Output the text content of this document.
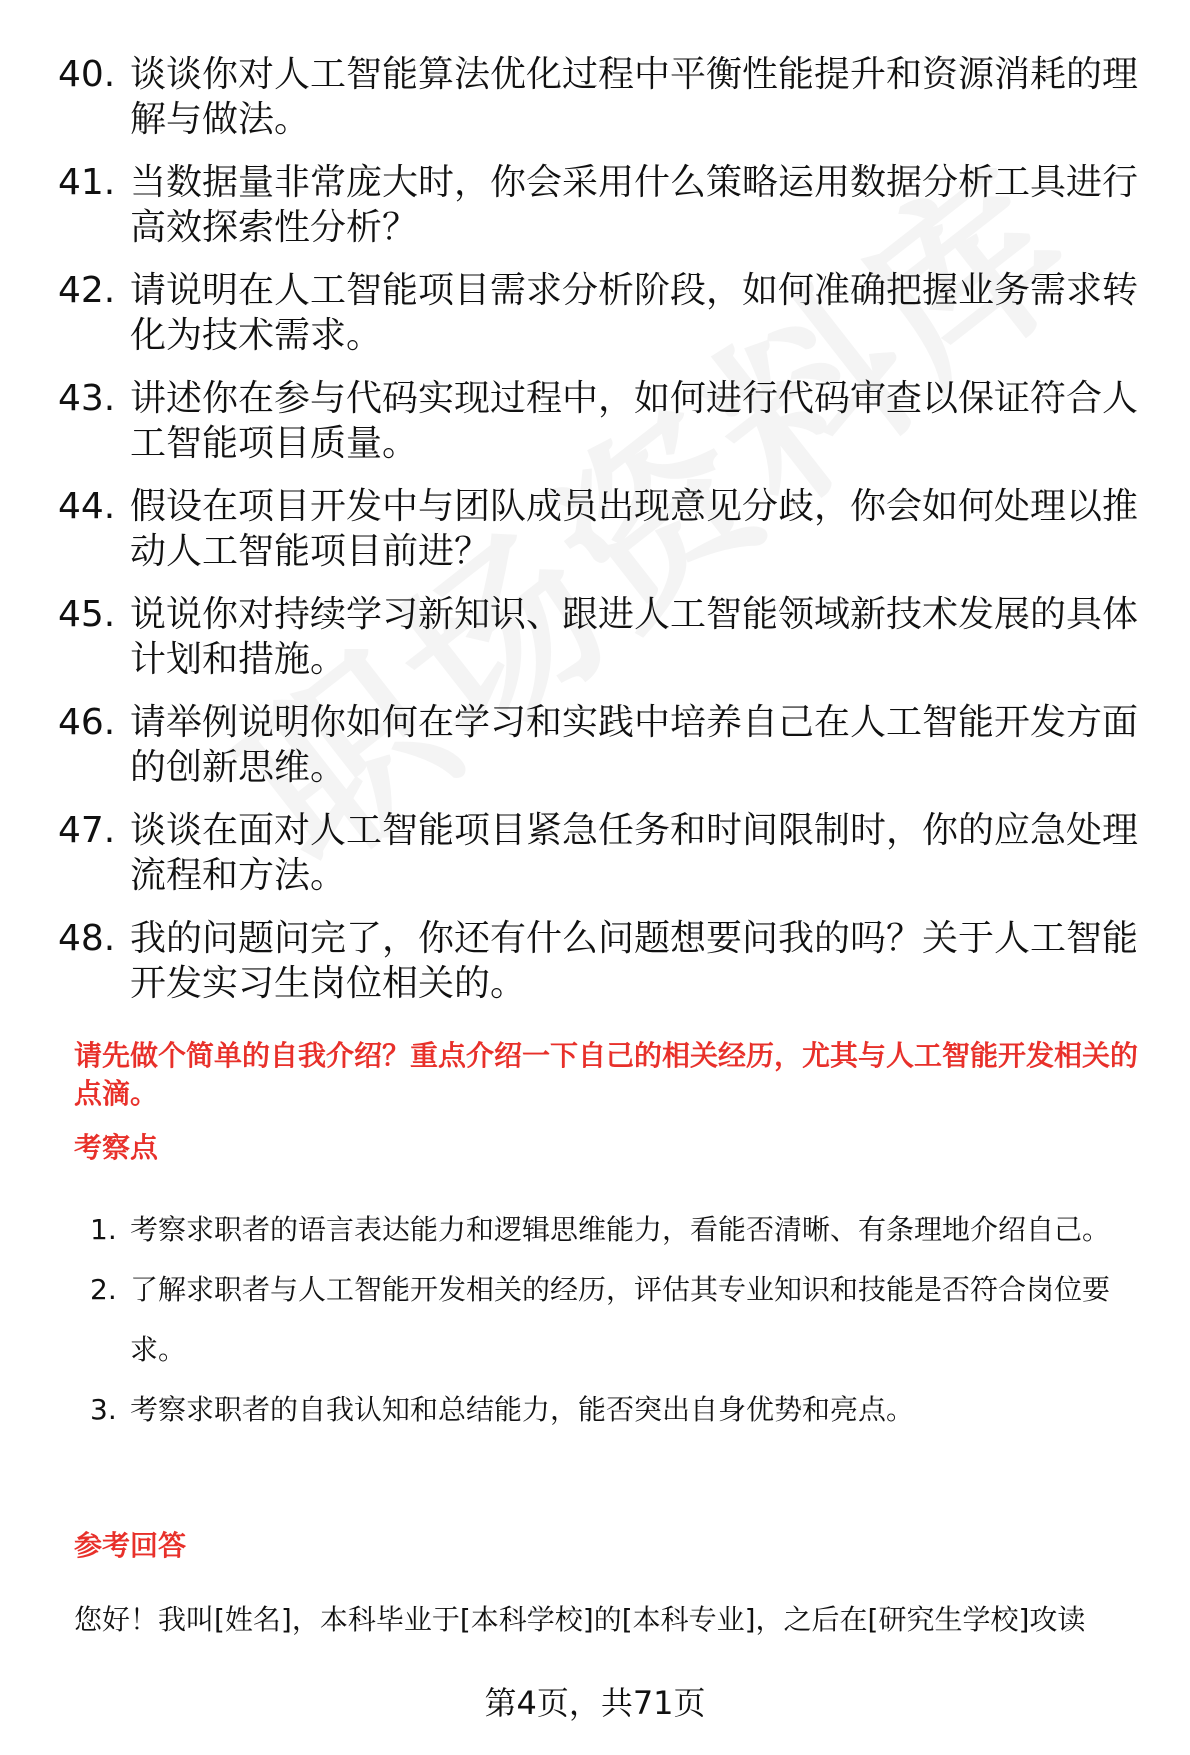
40. 谈谈你对人工智能算法优化过程中平衡性能提升和资源消耗的理解与做法。
41. 当数据量非常庞大时，你会采用什么策略运用数据分析工具进行高效探索性分析？
42. 请说明在人工智能项目需求分析阶段，如何准确把握业务需求转化为技术需求。
43. 讲述你在参与代码实现过程中，如何进行代码审查以保证符合人工智能项目质量。
44. 假设在项目开发中与团队成员出现意见分歧，你会如何处理以推动人工智能项目前进？
45. 说说你对持续学习新知识、跟进人工智能领域新技术发展的具体计划和措施。
46. 请举例说明你如何在学习和实践中培养自己在人工智能开发方面的创新思维。
47. 谈谈在面对人工智能项目紧急任务和时间限制时，你的应急处理流程和方法。
48. 我的问题问完了，你还有什么问题想要问我的吗？关于人工智能开发实习生岗位相关的。
请先做个简单的自我介绍？重点介绍一下自己的相关经历，尤其与人工智能开发相关的点滴。
考察点
1. 考察求职者的语言表达能力和逻辑思维能力，看能否清晰、有条理地介绍自己。
2. 了解求职者与人工智能开发相关的经历，评估其专业知识和技能是否符合岗位要求。
3. 考察求职者的自我认知和总结能力，能否突出自身优势和亮点。
参考回答
您好！我叫[姓名]，本科毕业于[本科学校]的[本科专业]，之后在[研究生学校]攻读
第4页，共71页
